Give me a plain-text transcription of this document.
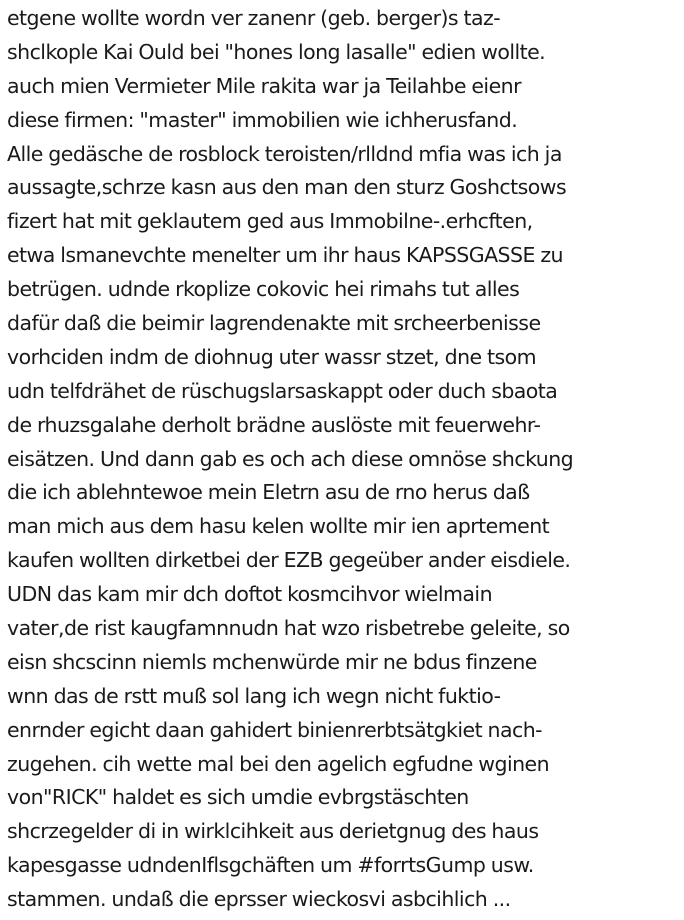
etgene wollte wordn ver zanenr (geb. berger)s taz-
shclkople Kai Ould bei "hones long lasalle" edien wollte.
auch mien Vermieter Mile rakita war ja Teilahbe eienr
diese firmen: "master" immobilien wie ichherusfand.
Alle gedäsche de rosblock teroisten/rlldnd mfia was ich ja
aussagte,schrze kasn aus den man den sturz Goshctsows
fizert hat mit geklautem ged aus Immobilne-.erhcften,
etwa lsmanevchte menelter um ihr haus KAPSSGASSE zu
betrügen. udnde rkoplize cokovic hei rimahs tut alles
dafür daß die beimir lagrendenakte mit srcheerbenisse
vorhciden indm de diohnug uter wassr stzet, dne tsom
udn telfdrähet de rüschugslarsaskappt oder duch sbaota
de rhuzsgalahe derholt brädne auslöste mit feuerwehr-
eisätzen. Und dann gab es och ach diese omnöse shckung
die ich ablehntewoe mein Eletrn asu de rno herus daß
man mich aus dem hasu kelen wollte mir ien aprtement
kaufen wollten dirketbei der EZB gegeüber ander eisdiele.
UDN das kam mir dch doftot kosmcihvor wielmain
vater,de rist kaugfamnnudn hat wzo risbetrebe geleite, so
eisn shcscinn niemls mchenwürde mir ne bdus finzene
wnn das de rstt muß sol lang ich wegn nicht fuktio-
enrnder egicht daan gahidert binienrerbtsätgkiet nach-
zugehen. cih wette mal bei den agelich egfudne wginen
von"RICK" haldet es sich umdie evbrgstäschten
shcrzegelder di in wirklcihkeit aus derietgnug des haus
kapesgasse udndenIflsgchäften um #forrtsGump usw.
stammen. undaß die eprsser wieckosvi asbcihlich ...
